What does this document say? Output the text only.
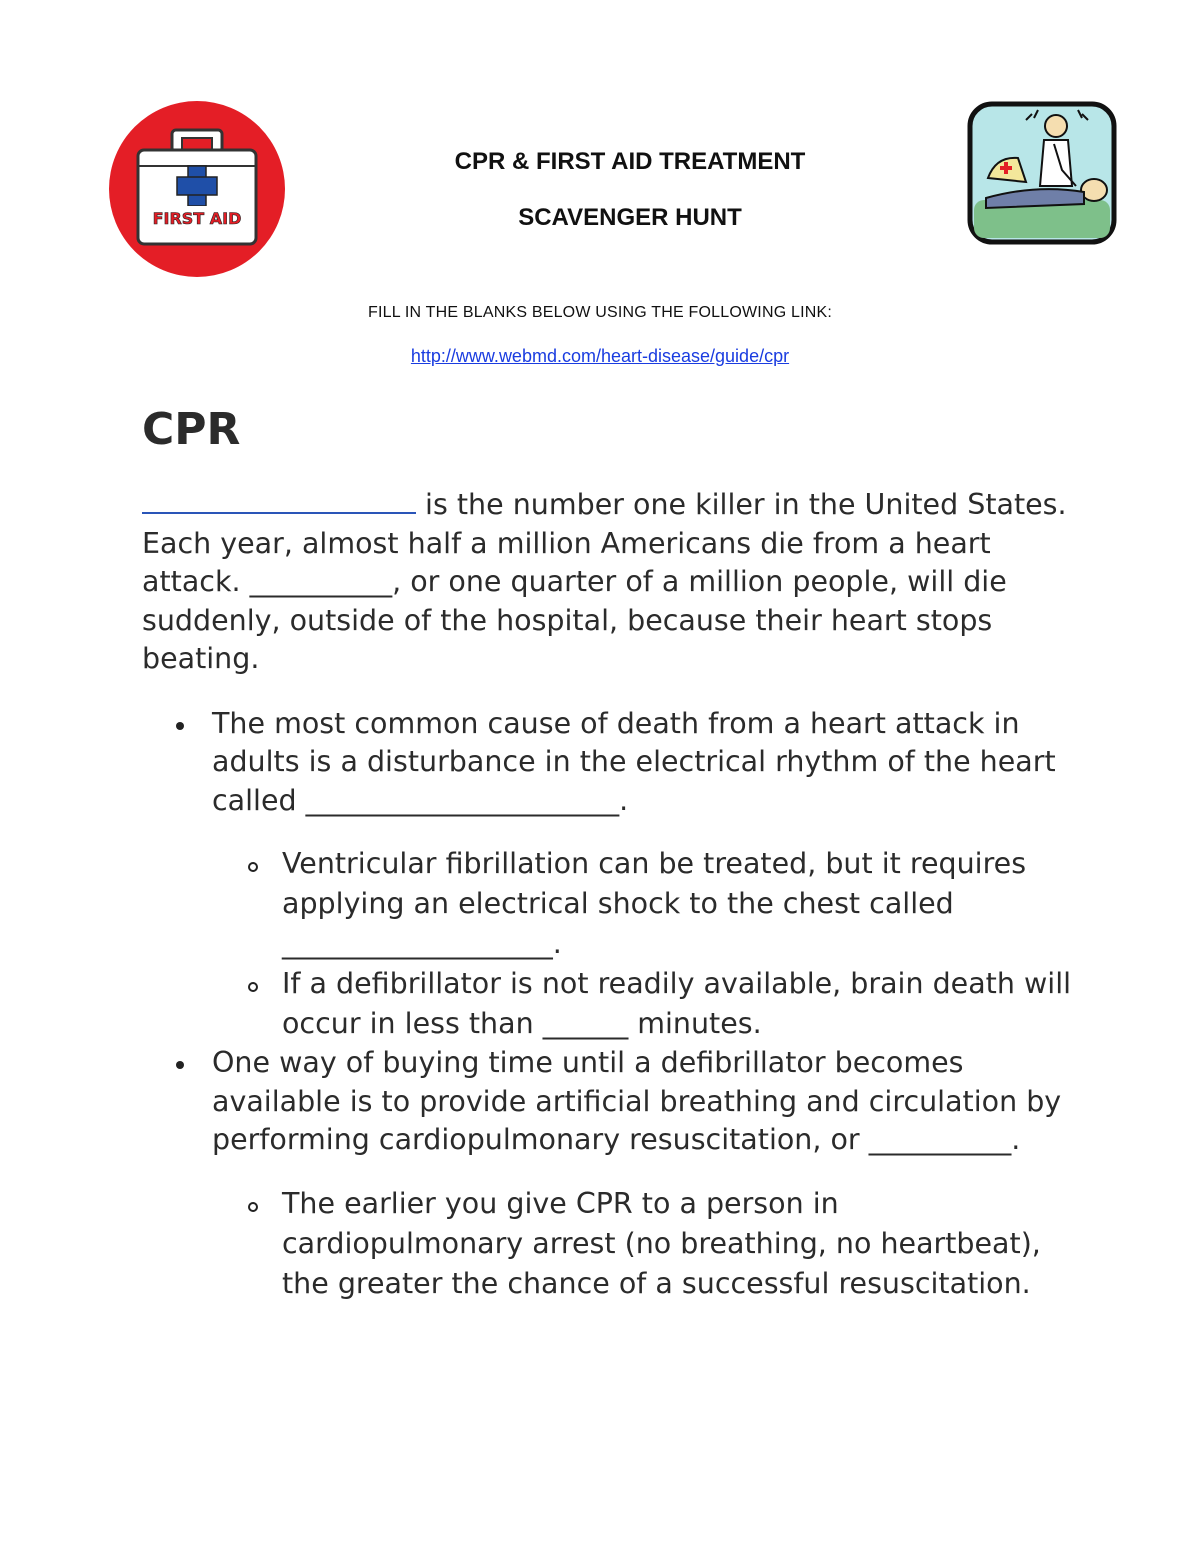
FIRST AID
CPR & FIRST AID TREATMENT
SCAVENGER HUNT
FILL IN THE BLANKS BELOW USING THE FOLLOWING LINK:
http://www.webmd.com/heart-disease/guide/cpr
CPR

is the number one killer in the United States. Each year, almost half a million Americans die from a heart attack. __________, or one quarter of a million people, will die suddenly, outside of the hospital, because their heart stops beating.

The most common cause of death from a heart attack in adults is a disturbance in the electrical rhythm of the heart called ______________________.
Ventricular fibrillation can be treated, but it requires applying an electrical shock to the chest called ___________________.
If a defibrillator is not readily available, brain death will occur in less than ______ minutes.
One way of buying time until a defibrillator becomes available is to provide artificial breathing and circulation by performing cardiopulmonary resuscitation, or __________.
The earlier you give CPR to a person in cardiopulmonary arrest (no breathing, no heartbeat), the greater the chance of a successful resuscitation.
